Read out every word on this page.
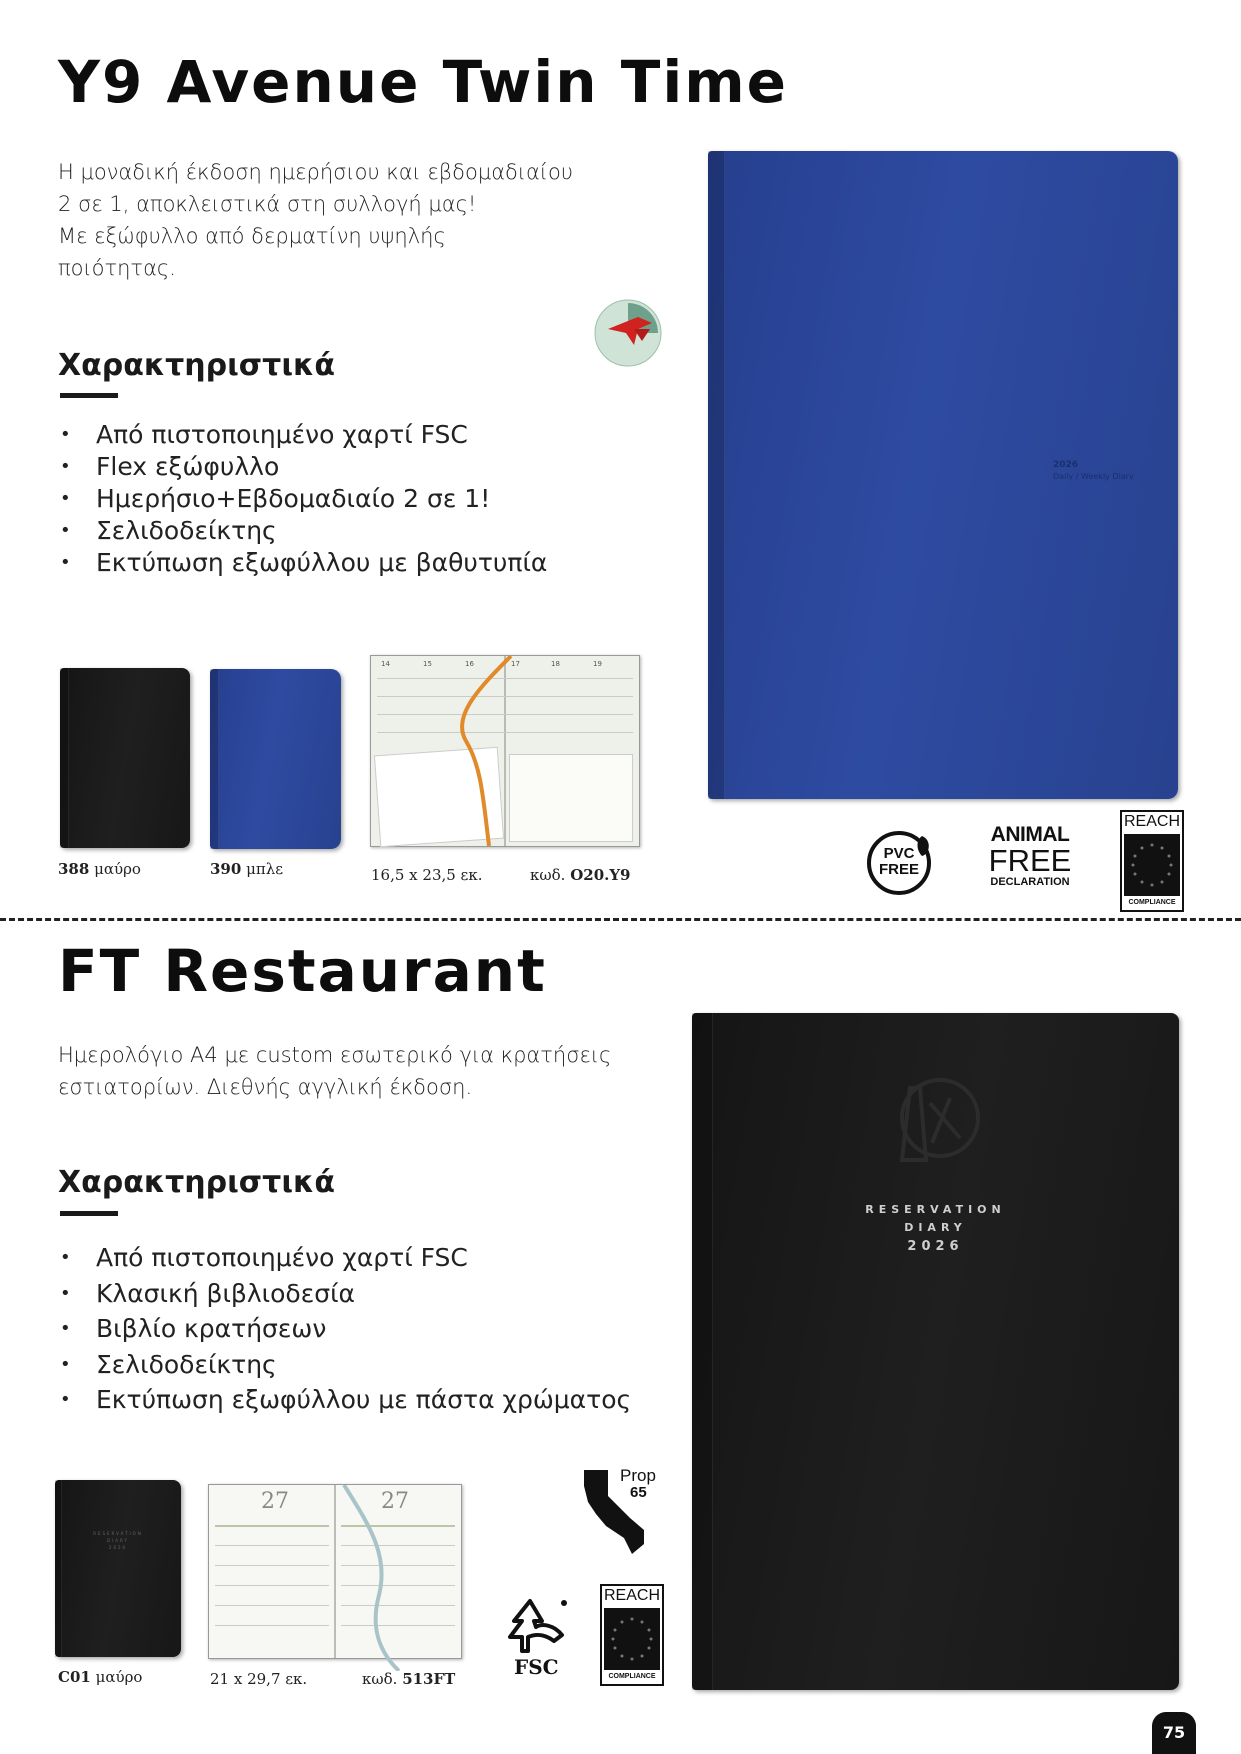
Y9 Avenue Twin Time
Η μοναδική έκδοση ημερήσιου και εβδομαδιαίου
2 σε 1, αποκλειστικά στη συλλογή μας!
Με εξώφυλλο από δερματίνη υψηλής
ποιότητας.
Χαρακτηριστικά
• Από πιστοποιημένο χαρτί FSC
• Flex εξώφυλλο
• Ημερήσιο+Εβδομαδιαίο 2 σε 1!
• Σελιδοδείκτης
• Εκτύπωση εξωφύλλου με βαθυτυπία
2026
Daily / Weekly Diary
14	15	16	17	18	19
388 μαύρο	390 μπλε	16,5 x 23,5 εκ.	κωδ. O20.Y9
PVC
FREE
ANIMAL
FREE
DECLARATION
REACH
COMPLIANCE
FT Restaurant
Ημερολόγιο Α4 με custom εσωτερικό για κρατήσεις
εστιατορίων. Διεθνής αγγλική έκδοση.
Χαρακτηριστικά
• Από πιστοποιημένο χαρτί FSC
• Κλασική βιβλιοδεσία
• Βιβλίο κρατήσεων
• Σελιδοδείκτης
• Εκτύπωση εξωφύλλου με πάστα χρώματος
RESERVATION
DIARY
2026
RESERVATION
DIARY
2026
27	27
C01 μαύρο	21 x 29,7 εκ.	κωδ. 513FT
Prop
65
FSC
REACH
COMPLIANCE
75
